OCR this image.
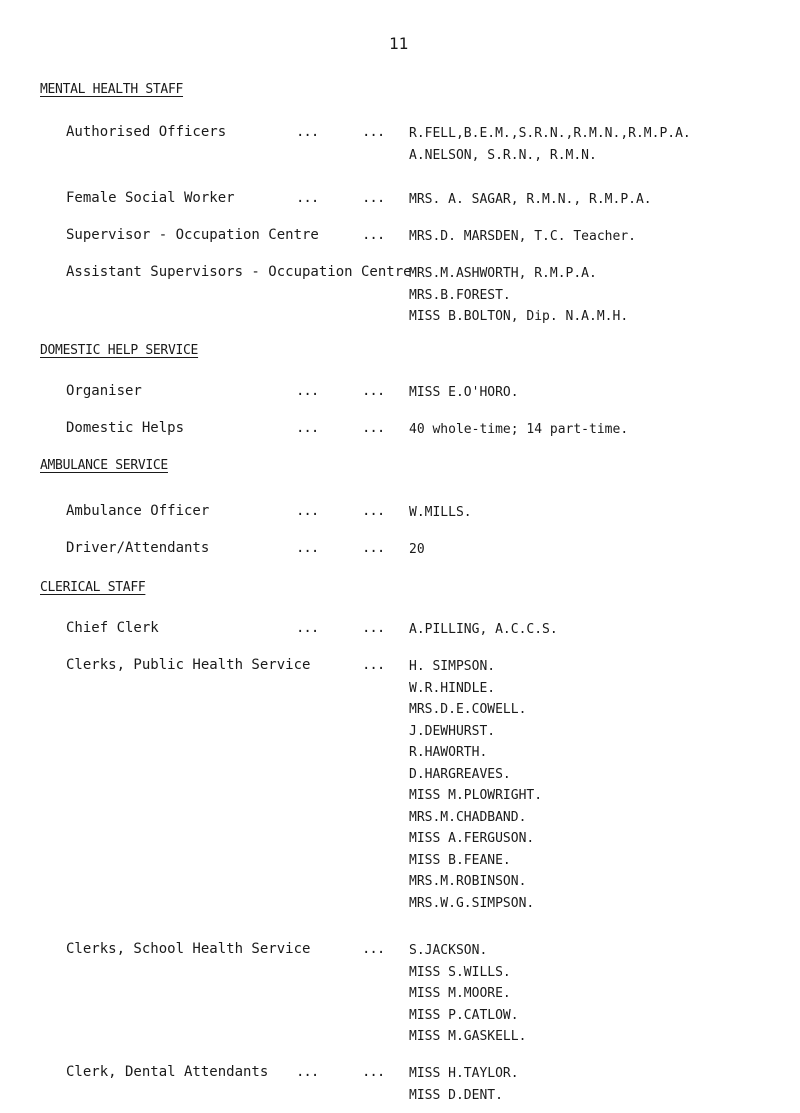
11
MENTAL HEALTH STAFF
Authorised Officers	...	... R.FELL,B.E.M.,S.R.N.,R.M.N.,R.M.P.A.
A.NELSON, S.R.N., R.M.N.
Female Social Worker	...	... MRS. A. SAGAR, R.M.N., R.M.P.A.
Supervisor - Occupation Centre	... MRS.D. MARSDEN, T.C. Teacher.
Assistant Supervisors - Occupation Centre
MRS.M.ASHWORTH, R.M.P.A.
MRS.B.FOREST.
MISS B.BOLTON, Dip. N.A.M.H.
DOMESTIC HELP SERVICE
Organiser	...	... MISS E.O'HORO.
Domestic Helps	...	... 40 whole-time; 14 part-time.
AMBULANCE SERVICE
Ambulance Officer	...	... W.MILLS.
Driver/Attendants	...	... 20
CLERICAL STAFF
Chief Clerk	...	... A.PILLING, A.C.C.S.
Clerks, Public Health Service	... H. SIMPSON.
W.R.HINDLE.
MRS.D.E.COWELL.
J.DEWHURST.
R.HAWORTH.
D.HARGREAVES.
MISS M.PLOWRIGHT.
MRS.M.CHADBAND.
MISS A.FERGUSON.
MISS B.FEANE.
MRS.M.ROBINSON.
MRS.W.G.SIMPSON.
Clerks, School Health Service	... S.JACKSON.
MISS S.WILLS.
MISS M.MOORE.
MISS P.CATLOW.
MISS M.GASKELL.
Clerk, Dental Attendants ...	... MISS H.TAYLOR.
MISS D.DENT.
